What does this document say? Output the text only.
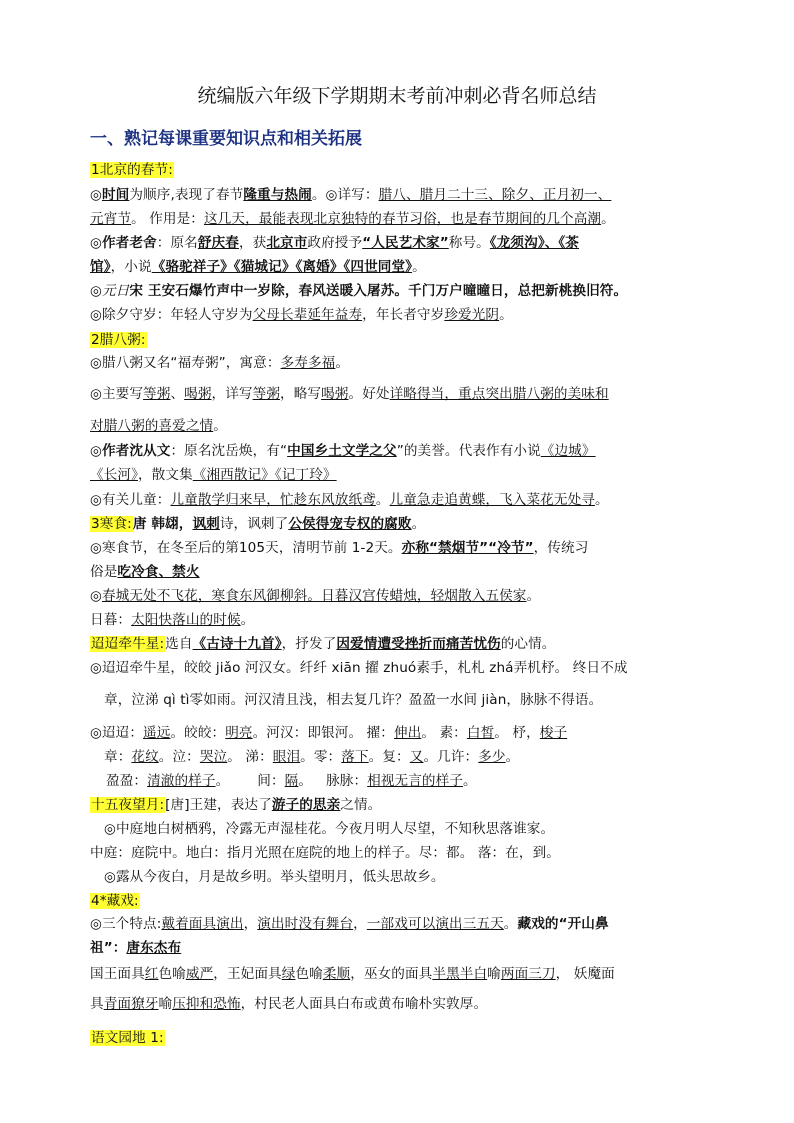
统编版六年级下学期期末考前冲刺必背名师总结
一、熟记每课重要知识点和相关拓展
1北京的春节:
◎时间为顺序,表现了春节隆重与热闹。◎详写：腊八、腊月二十三、除夕、正月初一、
元宵节。 作用是：这几天，最能表现北京独特的春节习俗，也是春节期间的几个高潮。
◎作者老舍：原名舒庆春，获北京市政府授予“人民艺术家”称号。《龙须沟》、《茶
馆》，小说《骆驼祥子》《猫城记》《离婚》《四世同堂》。
◎元日宋 王安石爆竹声中一岁除，春风送暖入屠苏。千门万户曈曈日，总把新桃换旧符。
◎除夕守岁：年轻人守岁为父母长辈延年益寿，年长者守岁珍爱光阴。
2腊八粥:
◎腊八粥又名“福寿粥”，寓意：多寿多福。
◎主要写等粥、喝粥，详写等粥，略写喝粥。好处详略得当，重点突出腊八粥的美味和
对腊八粥的喜爱之情。
◎作者沈从文：原名沈岳焕，有“中国乡土文学之父”的美誉。代表作有小说《边城》
《长河》，散文集《湘西散记》《记丁玲》
◎有关儿童：儿童散学归来早，忙趁东风放纸鸢。儿童急走追黄蝶，飞入菜花无处寻。
3寒食:唐 韩翃，讽刺诗，讽刺了公侯得宠专权的腐败。
◎寒食节，在冬至后的第105天，清明节前 1-2天。亦称“禁烟节”“冷节”，传统习
俗是吃冷食、禁火
◎春城无处不飞花，寒食东风御柳斜。日暮汉宫传蜡烛，轻烟散入五侯家。
日暮：太阳快落山的时候。
迢迢牵牛星:选自《古诗十九首》，抒发了因爱情遭受挫折而痛苦忧伤的心情。
◎迢迢牵牛星，皎皎 jiǎo 河汉女。纤纤 xiān 擢 zhuó素手，札札 zhá弄机杼。 终日不成
章，泣涕 qì tì零如雨。河汉清且浅，相去复几许？盈盈一水间 jiàn，脉脉不得语。
◎迢迢：遥远。皎皎：明亮。河汉：即银河。 擢：伸出。 素：白皙。 杼，梭子
章：花纹。泣：哭泣。 涕：眼泪。零：落下。复：又。几许：多少。
盈盈：清澈的样子。 间：隔。 脉脉：相视无言的样子。
十五夜望月:[唐]王建，表达了游子的思亲之情。
◎中庭地白树栖鸦，冷露无声湿桂花。今夜月明人尽望，不知秋思落谁家。
中庭：庭院中。地白：指月光照在庭院的地上的样子。尽：都。 落：在，到。
◎露从今夜白，月是故乡明。举头望明月，低头思故乡。
4*藏戏:
◎三个特点:戴着面具演出，演出时没有舞台，一部戏可以演出三五天。藏戏的“开山鼻
祖”：唐东杰布
国王面具红色喻威严，王妃面具绿色喻柔顺，巫女的面具半黑半白喻两面三刀， 妖魔面
具青面獠牙喻压抑和恐怖，村民老人面具白布或黄布喻朴实敦厚。
语文园地 1:
